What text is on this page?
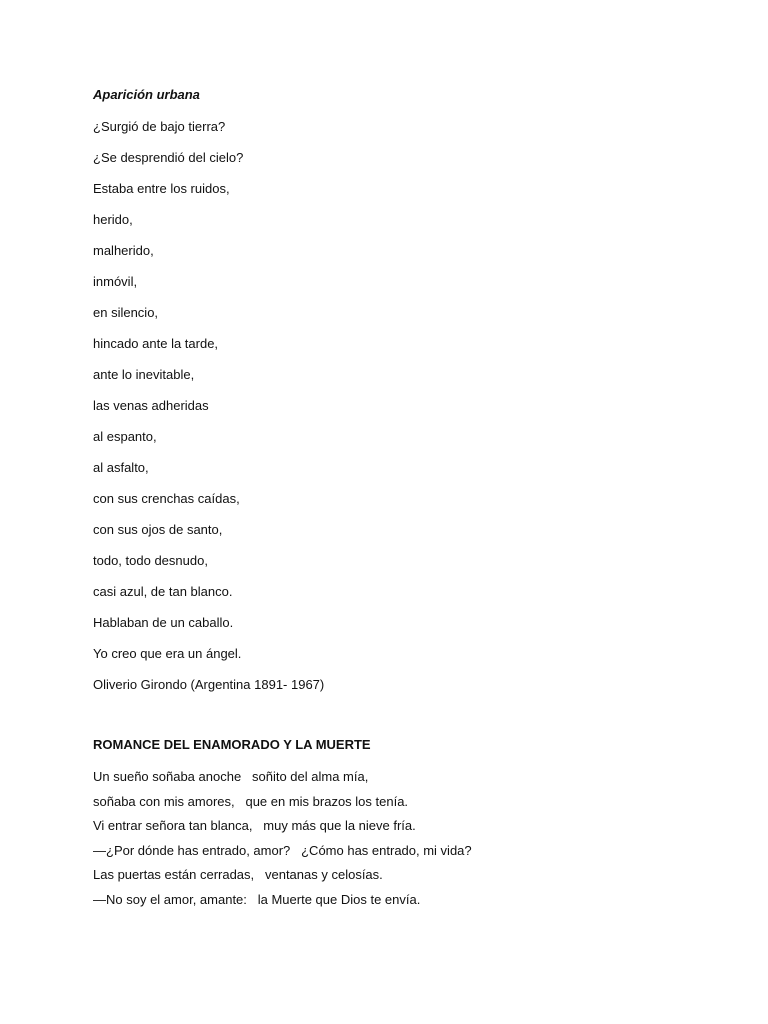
Aparición urbana
¿Surgió de bajo tierra?
¿Se desprendió del cielo?
Estaba entre los ruidos,
herido,
malherido,
inmóvil,
en silencio,
hincado ante la tarde,
ante lo inevitable,
las venas adheridas
al espanto,
al asfalto,
con sus crenchas caídas,
con sus ojos de santo,
todo, todo desnudo,
casi azul, de tan blanco.
Hablaban de un caballo.
Yo creo que era un ángel.
Oliverio Girondo (Argentina 1891- 1967)
ROMANCE DEL ENAMORADO Y LA MUERTE
Un sueño soñaba anoche   soñito del alma mía,
soñaba con mis amores,   que en mis brazos los tenía.
Vi entrar señora tan blanca,   muy más que la nieve fría.
—¿Por dónde has entrado, amor?   ¿Cómo has entrado, mi vida?
Las puertas están cerradas,   ventanas y celosías.
—No soy el amor, amante:   la Muerte que Dios te envía.
